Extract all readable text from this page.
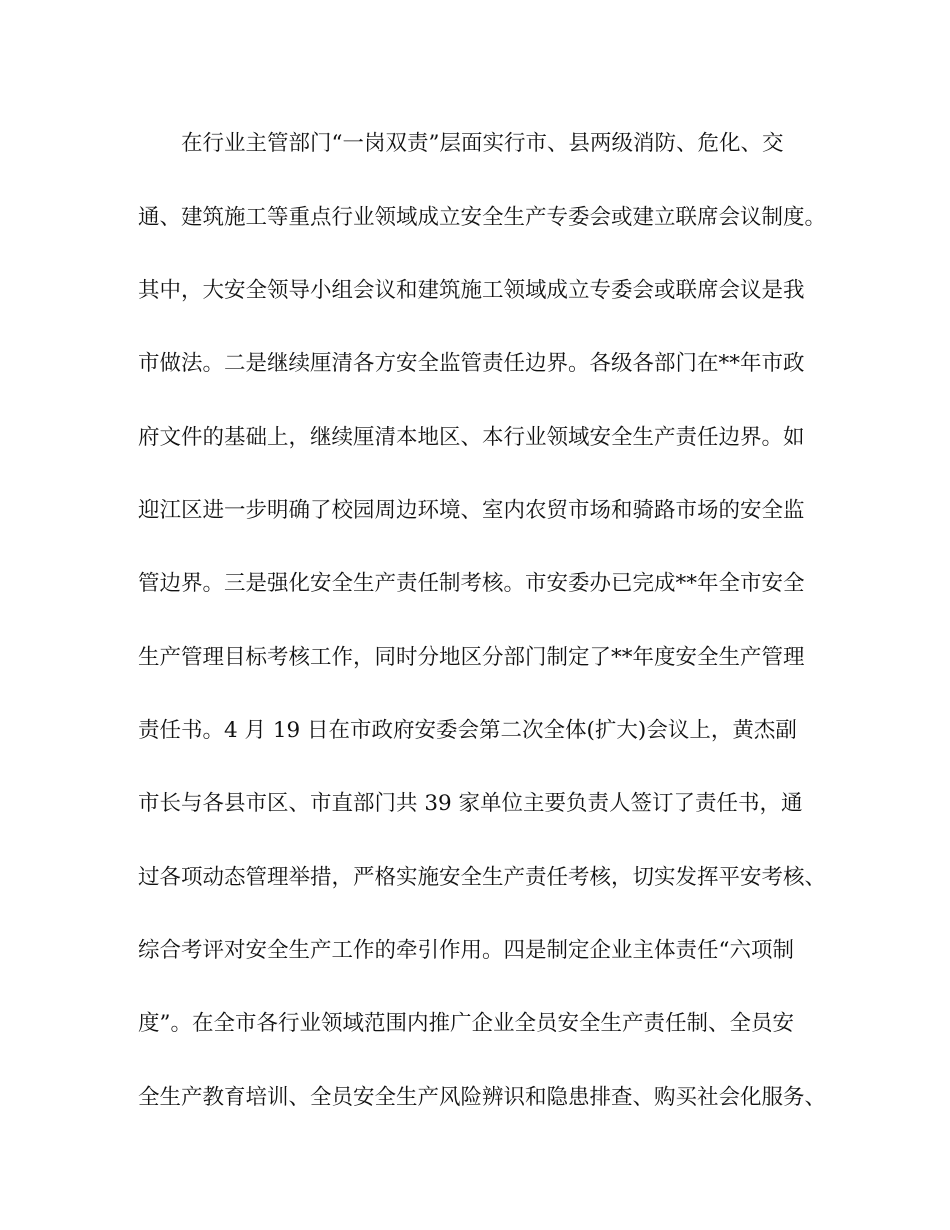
在行业主管部门“一岗双责”层面实行市、县两级消防、危化、交
通、建筑施工等重点行业领域成立安全生产专委会或建立联席会议制度。
其中，大安全领导小组会议和建筑施工领域成立专委会或联席会议是我
市做法。二是继续厘清各方安全监管责任边界。各级各部门在**年市政
府文件的基础上，继续厘清本地区、本行业领域安全生产责任边界。如
迎江区进一步明确了校园周边环境、室内农贸市场和骑路市场的安全监
管边界。三是强化安全生产责任制考核。市安委办已完成**年全市安全
生产管理目标考核工作，同时分地区分部门制定了**年度安全生产管理
责任书。4 月 19 日在市政府安委会第二次全体(扩大)会议上，黄杰副
市长与各县市区、市直部门共 39 家单位主要负责人签订了责任书，通
过各项动态管理举措，严格实施安全生产责任考核，切实发挥平安考核、
综合考评对安全生产工作的牵引作用。四是制定企业主体责任“六项制
度”。在全市各行业领域范围内推广企业全员安全生产责任制、全员安
全生产教育培训、全员安全生产风险辨识和隐患排查、购买社会化服务、
